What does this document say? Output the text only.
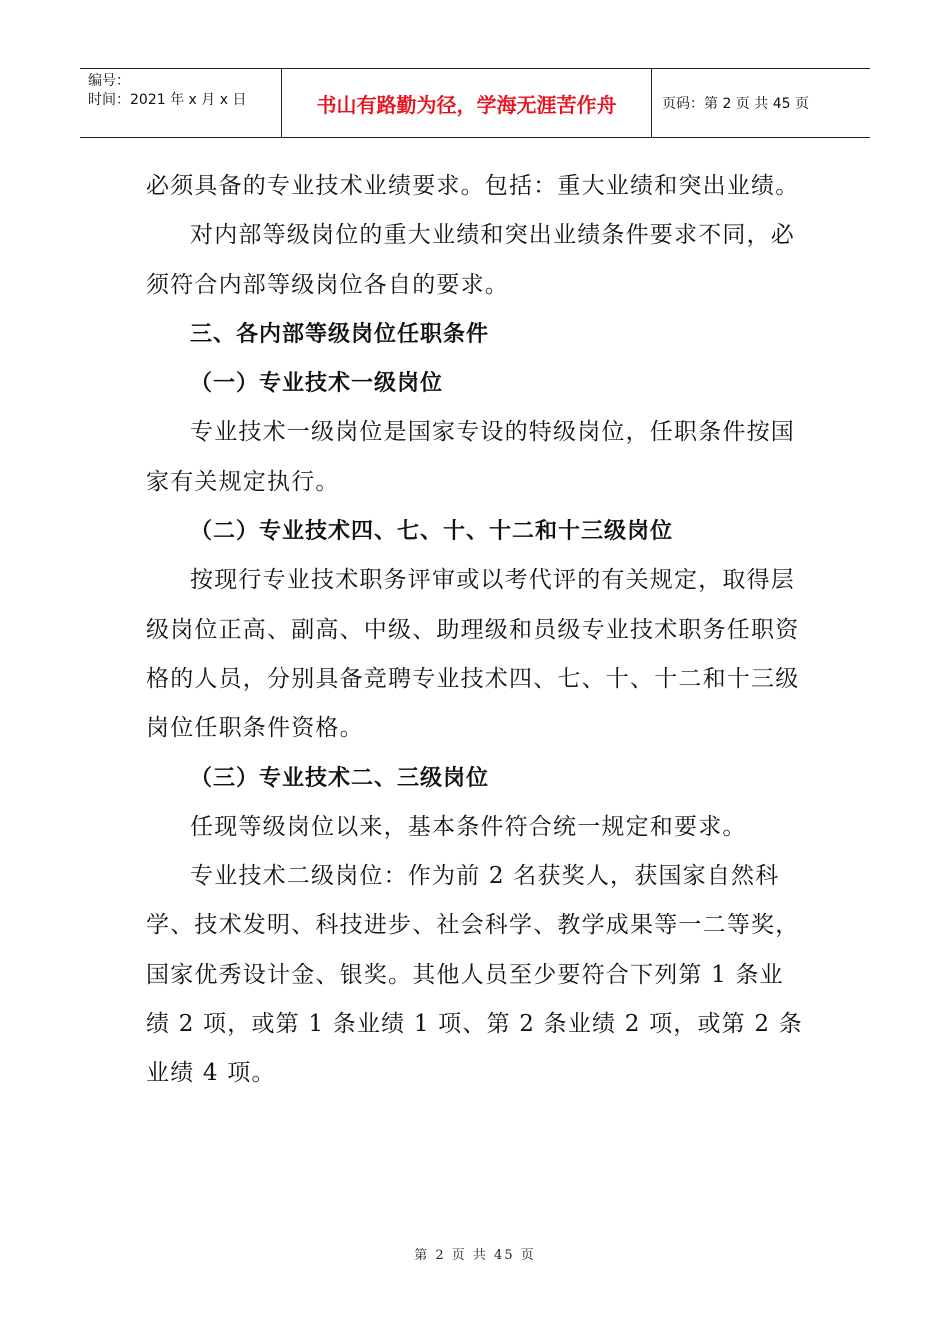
编号：
时间：2021 年 x 月 x 日	书山有路勤为径，学海无涯苦作舟	页码：第 2 页 共 45 页

必须具备的专业技术业绩要求。包括：重大业绩和突出业绩。

对内部等级岗位的重大业绩和突出业绩条件要求不同，必须符合内部等级岗位各自的要求。

三、各内部等级岗位任职条件

（一）专业技术一级岗位

专业技术一级岗位是国家专设的特级岗位，任职条件按国家有关规定执行。

（二）专业技术四、七、十、十二和十三级岗位

按现行专业技术职务评审或以考代评的有关规定，取得层级岗位正高、副高、中级、助理级和员级专业技术职务任职资格的人员，分别具备竞聘专业技术四、七、十、十二和十三级岗位任职条件资格。

（三）专业技术二、三级岗位

任现等级岗位以来，基本条件符合统一规定和要求。

专业技术二级岗位：作为前 2 名获奖人，获国家自然科学、技术发明、科技进步、社会科学、教学成果等一二等奖，国家优秀设计金、银奖。其他人员至少要符合下列第 1 条业绩 2 项，或第 1 条业绩 1 项、第 2 条业绩 2 项，或第 2 条业绩 4 项。

第 2 页 共 45 页
